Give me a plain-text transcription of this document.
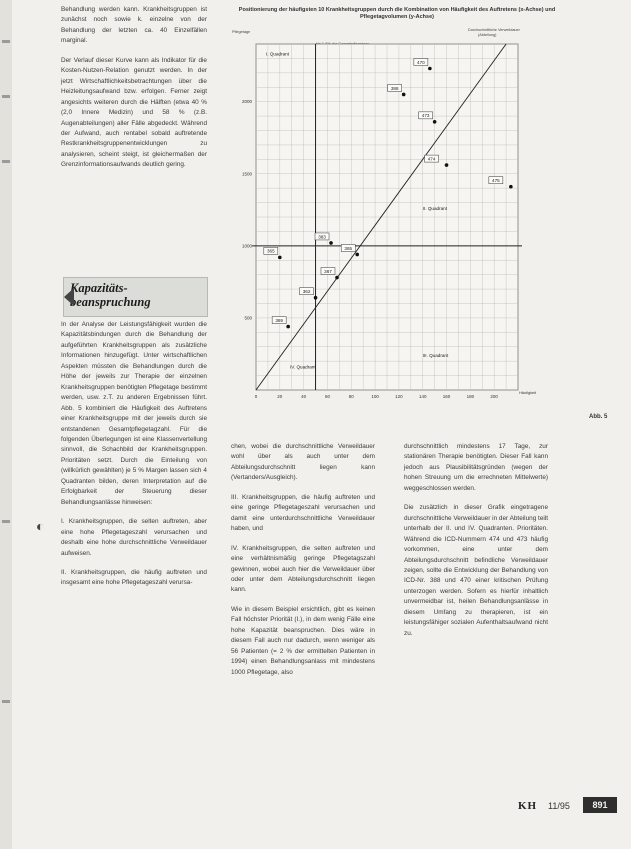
Behandlung werden kann. Krankheitsgruppen ist zunächst noch sowie k. einzelne von der Behandlung der letzten ca. 40 Einzelfällen marginal.

Der Verlauf dieser Kurve kann als Indikator für die Kosten-Nutzen-Relation genutzt werden. In der jetzt Wirtschaftlichkeitsbetrachtungen über die Heizleitungsaufwand bzw. erfolgen. Ferner zeigt angesichts weiteren durch die Hälften (etwa 40 % (2,0 Innere Medizin) und 58 % (z.B. Augenabteilungen) aller Fälle abgedeckt. Während der Aufwand, auch rentabel sobald auftretende Restkrankheitsgruppenentwicklungen zu analysieren, scheint steigt, ist gleichermaßen der Grenzinformationsaufwands deutlich gering.

Kapazitäts-beanspruchung

In der Analyse der Leistungsfähigkeit wurden die Kapazitätsbindungen durch die Behandlung der aufgeführten Krankheitsgruppen als zusätzliche Informationen hinzugefügt. Unter wirtschaftlichen Aspekten müssten die Behandlungen durch die Höhe der jeweils zur Therapie der einzelnen Krankheitsgruppen benötigten Pflegetage bestimmt werden, usw. z.T. zu anderen Ergebnissen führt. Abb. 5 kombiniert die Häufigkeit des Auftretens einer Krankheitsgruppe mit der jeweils durch sie entstandenen Gesamtpflegetagzahl. Für die folgenden Überlegungen ist eine Klassenvertellung sinnvoll, die Schachbild der Krankheitsgruppen. Prioritäten setzt. Durch die Einteilung von (willkürlich gewählten) je 5 % Margen lassen sich 4 Quadranten bilden, deren Interpretation auf die Erfolgbarkeit der Steuerung dieser Behandlungsanlässe hinweisen:

I. Krankheitsgruppen, die selten auftreten, aber eine hohe Pflegetageszahl verursachen und deshalb eine hohe durchschnittliche Verweildauer aufweisen.

II. Krankheitsgruppen, die häufig auftreten und insgesamt eine hohe Pflegetageszahl verursa-

◐
Positionierung der häufigsten 10 Krankheitsgruppen durch die Kombination von Häufigkeit des Auftretens (x-Achse) und Pflegetagvolumen (y-Achse)
Pflegetage	Durchschnittliche Verweildauer
(Abteilung)
500
1000
1500
2000
0	20	40	60	80	100	120	140	160	180	200
Häufigkeit
I. Quadrant
II. Quadrant
III. Quadrant
IV. Quadrant
470
388
473
474
475
383
365
365
367
362
369
Abb. 5

chen, wobei die durchschnittliche Verweildauer wohl über als auch unter dem Abteilungsdurchschnitt liegen kann (Vertanders/Ausgleich).

III. Krankheitsgruppen, die häufig auftreten und eine geringe Pflegetageszahl verursachen und damit eine unterdurchschnittliche Verweildauer haben, und

IV. Krankheitsgruppen, die selten auftreten und eine verhältnismäßig geringe Pflegetagszahl gewinnen, wobei auch hier die Verweildauer über oder unter dem Abteilungsdurchschnitt liegen kann.

Wie in diesem Beispiel ersichtlich, gibt es keinen Fall höchster Priorität (I.), in dem wenig Fälle eine hohe Kapazität beanspruchen. Dies wäre in diesem Fall auch nur dadurch, wenn weniger als 56 Patienten (= 2 % der ermittelten Patienten in 1994) einen Behandlungsanlass mit mindestens 1000 Pflegetage, also

durchschnittlich mindestens 17 Tage, zur stationären Therapie benötigten. Dieser Fall kann jedoch aus Plausibilitätsgründen (wegen der hohen Streuung um die errechneten Mittelwerte) weggeschlossen werden.

Die zusätzlich in dieser Grafik eingetragene durchschnittliche Verweildauer in der Abteilung teilt unterhalb der II. und IV. Quadranten. Prioritäten. Während die ICD-Nummern 474 und 473 häufig vorkommen, eine unter dem Abteilungsdurchschnitt befindliche Verweildauer zeigen, sollte die Entwicklung der Behandlung von ICD-Nr. 388 und 470 einer kritischen Prüfung unterzogen werden. Sofern es hierfür inhaltlich unvermeidbar ist, heilen Behandlungsanlässe in diesem Umfang zu therapieren, ist ein leistungsfähiger sozialen Aufenthaltsaufwand nicht zu.

KH 11/95	891
